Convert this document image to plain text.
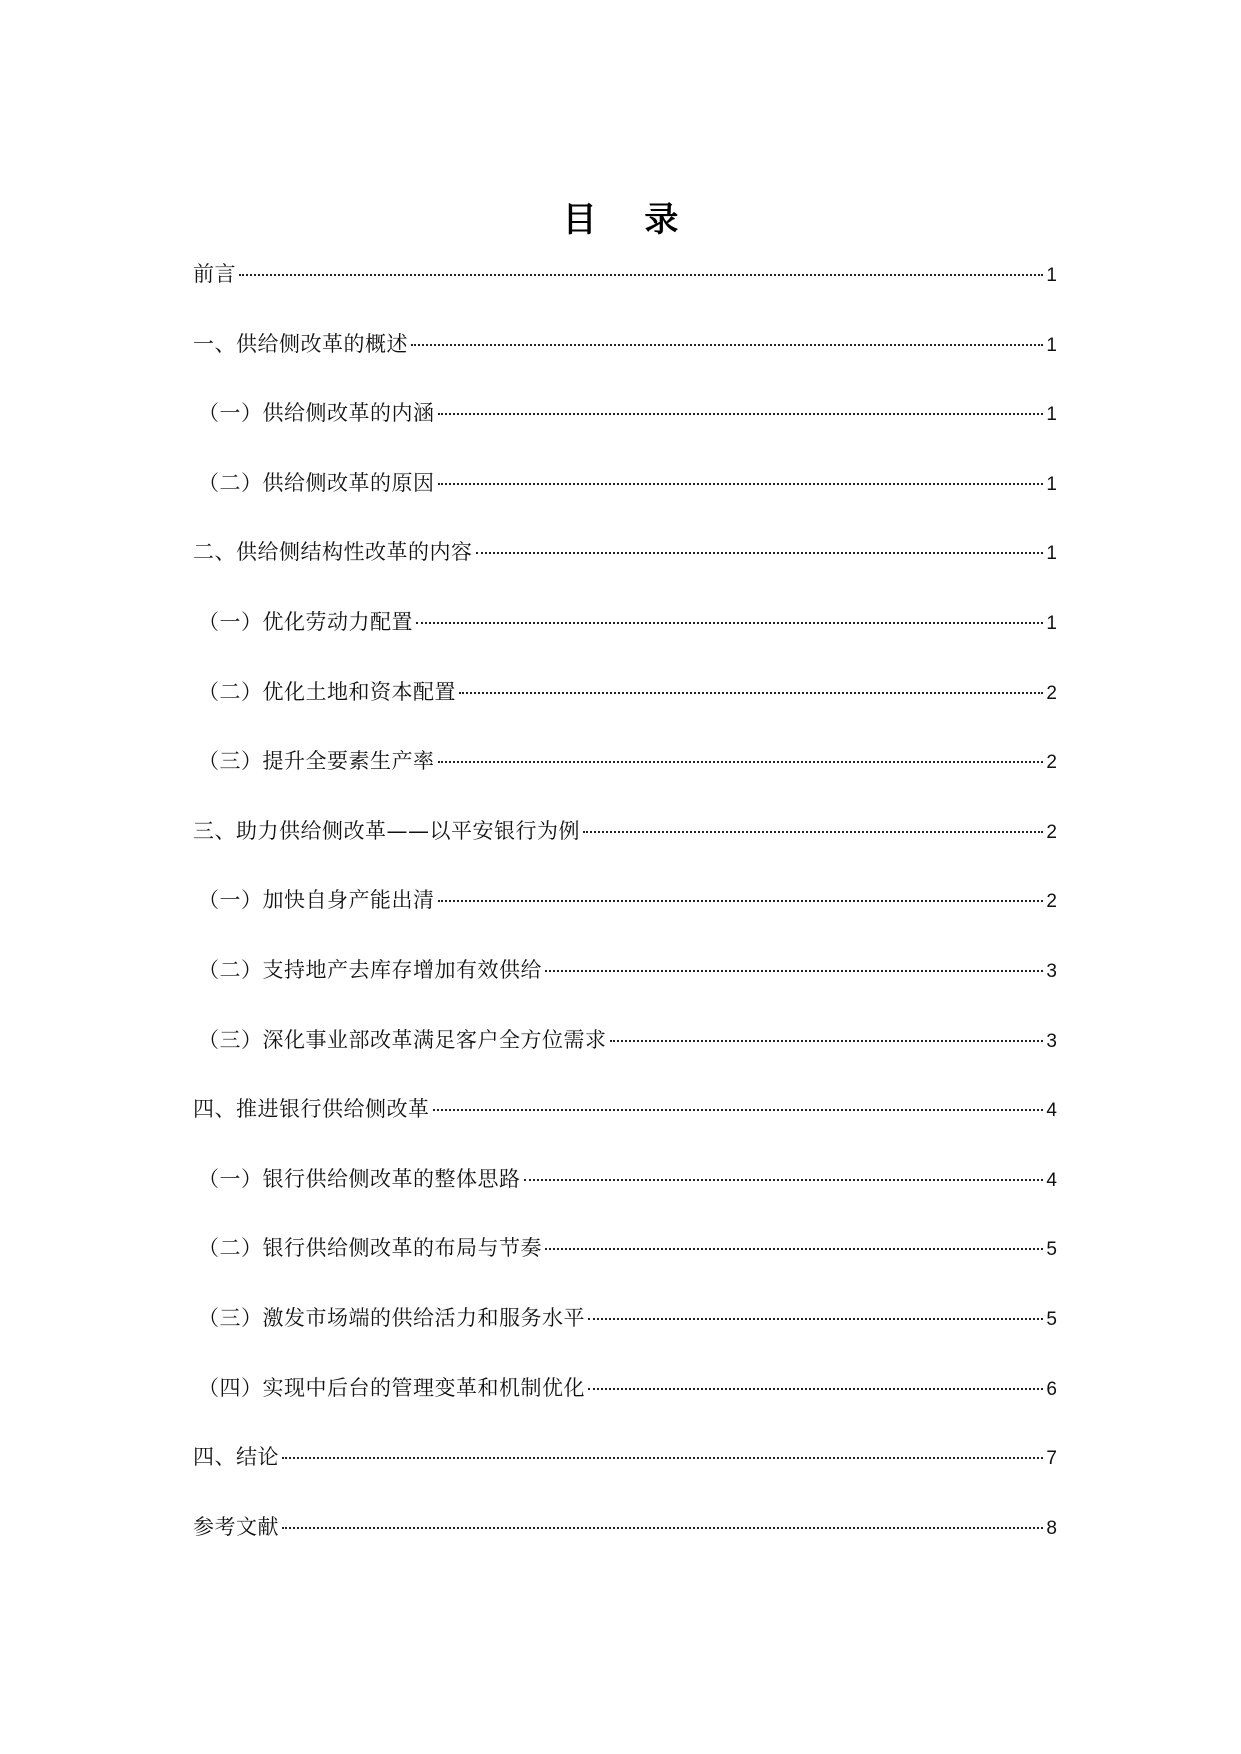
目 录
前言	1
一、供给侧改革的概述	1
（一）供给侧改革的内涵	1
（二）供给侧改革的原因	1
二、供给侧结构性改革的内容	1
（一）优化劳动力配置	1
（二）优化土地和资本配置	2
（三）提升全要素生产率	2
三、助力供给侧改革——以平安银行为例	2
（一）加快自身产能出清	2
（二）支持地产去库存增加有效供给	3
（三）深化事业部改革满足客户全方位需求	3
四、推进银行供给侧改革	4
（一）银行供给侧改革的整体思路	4
（二）银行供给侧改革的布局与节奏	5
（三）激发市场端的供给活力和服务水平	5
（四）实现中后台的管理变革和机制优化	6
四、结论	7
参考文献	8
